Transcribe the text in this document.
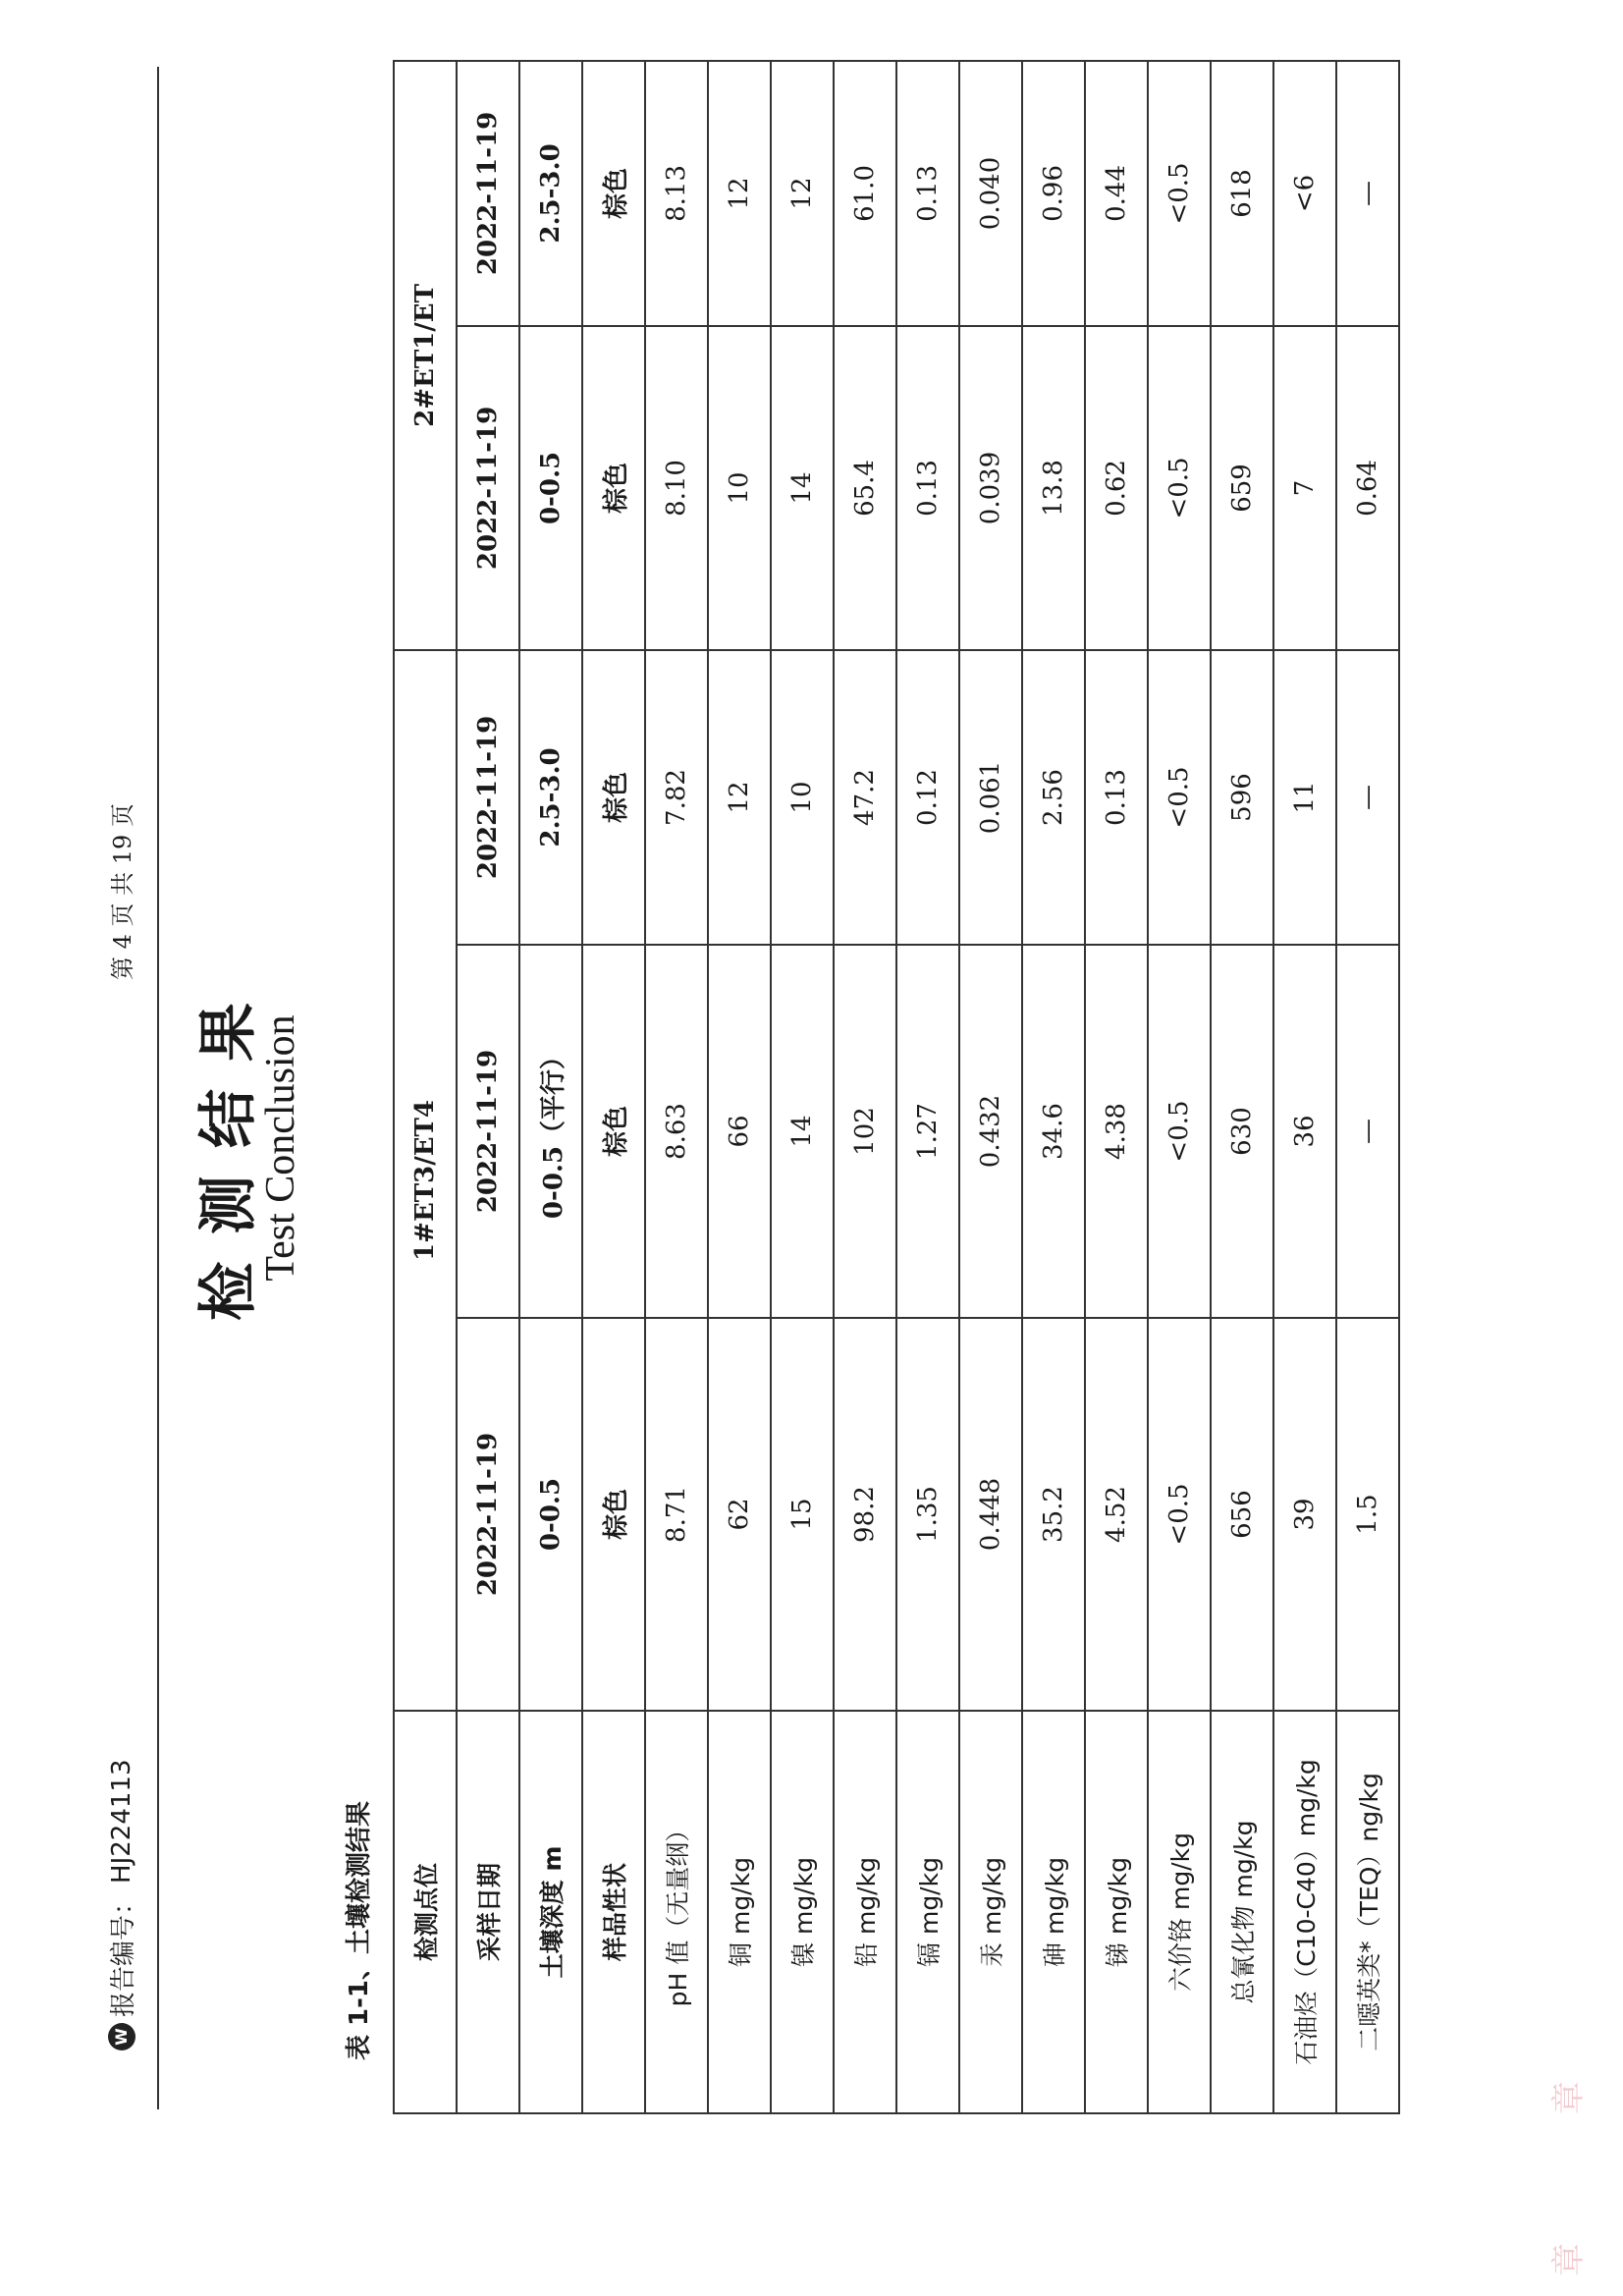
W
报告编号：
HJ224113
第 4 页 共 19 页
检测结果
Test Conclusion
表 1-1、土壤检测结果 检测点位	1#ET3/ET4			2#ET1/ET	
采样日期	2022-11-19	2022-11-19	2022-11-19	2022-11-19	2022-11-19
土壤深度 m	0-0.5	0-0.5（平行）	2.5-3.0	0-0.5	2.5-3.0
样品性状	棕色	棕色	棕色	棕色	棕色
pH 值（无量纲）	8.71	8.63	7.82	8.10	8.13
铜 mg/kg	62	66	12	10	12
镍 mg/kg	15	14	10	14	12
铅 mg/kg	98.2	102	47.2	65.4	61.0
镉 mg/kg	1.35	1.27	0.12	0.13	0.13
汞 mg/kg	0.448	0.432	0.061	0.039	0.040
砷 mg/kg	35.2	34.6	2.56	13.8	0.96
锑 mg/kg	4.52	4.38	0.13	0.62	0.44
六价铬 mg/kg	<0.5	<0.5	<0.5	<0.5	<0.5
总氰化物 mg/kg	656	630	596	659	618
石油烃（C10-C40）mg/kg	39	36	11	7	<6
二噁英类*（TEQ）ng/kg	1.5	—	—	0.64	—
章 章
